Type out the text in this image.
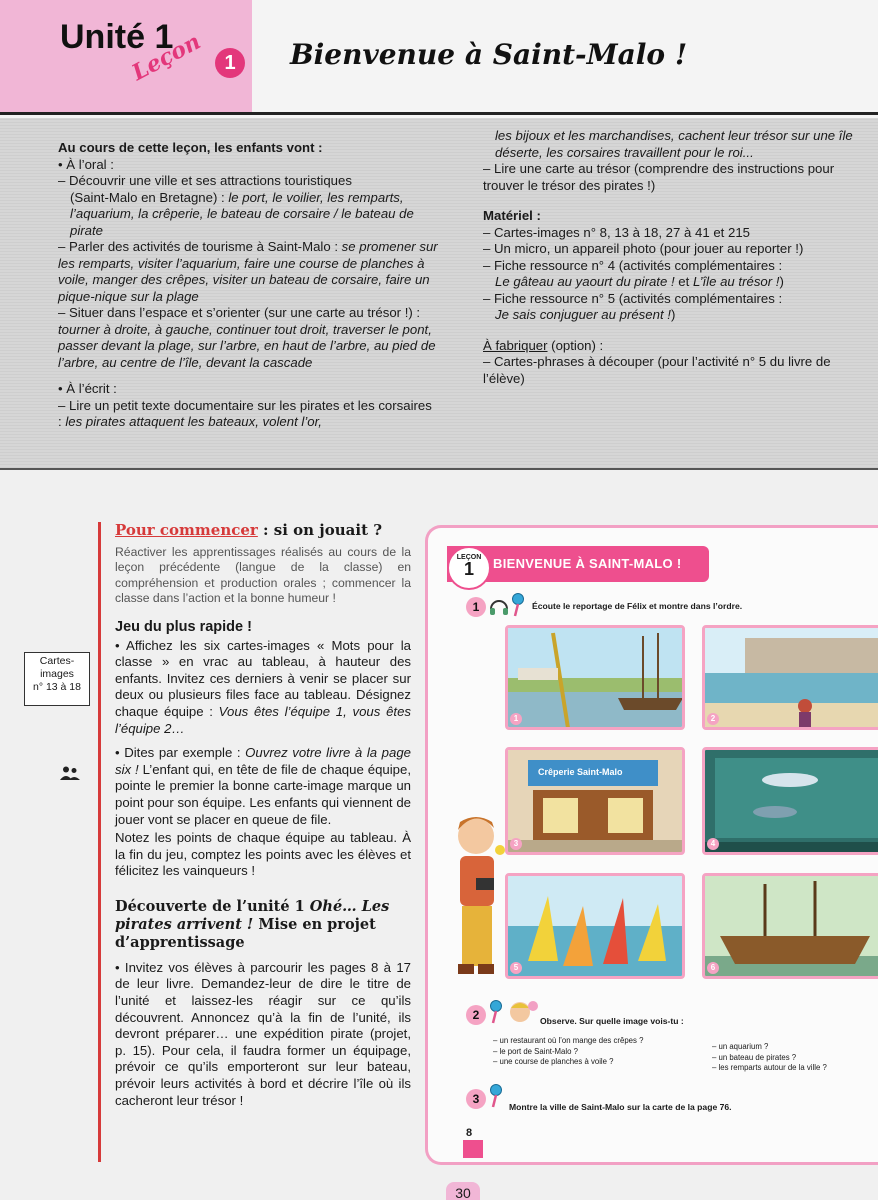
Unité 1
Leçon 1	Bienvenue à Saint-Malo !

Au cours de cette leçon, les enfants vont :

• À l’oral :

– Découvrir une ville et ses attractions touristiques

(Saint-Malo en Bretagne) : le port, le voilier, les remparts, l’aquarium, la crêperie, le bateau de corsaire / le bateau de pirate

– Parler des activités de tourisme à Saint-Malo : se promener sur les remparts, visiter l’aquarium, faire une course de planches à voile, manger des crêpes, visiter un bateau de corsaire, faire un pique-nique sur la plage

– Situer dans l’espace et s’orienter (sur une carte au trésor !) : tourner à droite, à gauche, continuer tout droit, traverser le pont, passer devant la plage, sur l’arbre, en haut de l’arbre, au pied de l’arbre, au centre de l’île, devant la cascade

• À l’écrit :

– Lire un petit texte documentaire sur les pirates et les corsaires : les pirates attaquent les bateaux, volent l’or,

les bijoux et les marchandises, cachent leur trésor sur une île déserte, les corsaires travaillent pour le roi...

– Lire une carte au trésor (comprendre des instructions pour trouver le trésor des pirates !)

Matériel :

– Cartes-images n° 8, 13 à 18, 27 à 41 et 215

– Un micro, un appareil photo (pour jouer au reporter !)

– Fiche ressource n° 4 (activités complémentaires :

Le gâteau au yaourt du pirate ! et L’île au trésor !)

– Fiche ressource n° 5 (activités complémentaires :

Je sais conjuguer au présent !)

À fabriquer (option) :

– Cartes-phrases à découper (pour l’activité n° 5 du livre de l’élève)

Cartes-
images
n° 13 à 18
Pour commencer : si on jouait ?
Réactiver les apprentissages réalisés au cours de la leçon précédente (langue de la classe) en compréhension et production orales ; commencer la classe dans l’action et la bonne humeur !
Jeu du plus rapide !
• Affichez les six cartes-images « Mots pour la classe » en vrac au tableau, à hauteur des enfants. Invitez ces derniers à venir se placer sur deux ou plusieurs files face au tableau. Désignez chaque équipe : Vous êtes l’équipe 1, vous êtes l’équipe 2…
• Dites par exemple : Ouvrez votre livre à la page six ! L’enfant qui, en tête de file de chaque équipe, pointe le premier la bonne carte-image marque un point pour son équipe. Les enfants qui viennent de jouer vont se placer en queue de file.
Notez les points de chaque équipe au tableau. À la fin du jeu, comptez les points avec les élèves et félicitez les vainqueurs !
Découverte de l’unité 1 Ohé… Les pirates arrivent ! Mise en projet d’apprentissage
• Invitez vos élèves à parcourir les pages 8 à 17 de leur livre. Demandez-leur de dire le titre de l’unité et laissez-les réagir sur ce qu’ils découvrent. Annoncez qu’à la fin de l’unité, ils devront préparer… une expédition pirate (projet, p. 15). Pour cela, il faudra former un équipage, prévoir ce qu’ils emporteront sur leur bateau, prévoir leurs activités à bord et décrire l’île où ils cacheront leur trésor !
BIENVENUE À SAINT-MALO !
LEÇON
1
1	Écoute le reportage de Félix et montre dans l’ordre.
1	2
Crêperie Saint-Malo
3	4
5	6
2	Observe. Sur quelle image vois-tu :
– un restaurant où l’on mange des crêpes ?
– le port de Saint-Malo ?
– une course de planches à voile ?
– un aquarium ?
– un bateau de pirates ?
– les remparts autour de la ville ?
3
Montre la ville de Saint-Malo sur la carte de la page 76.
8
30
